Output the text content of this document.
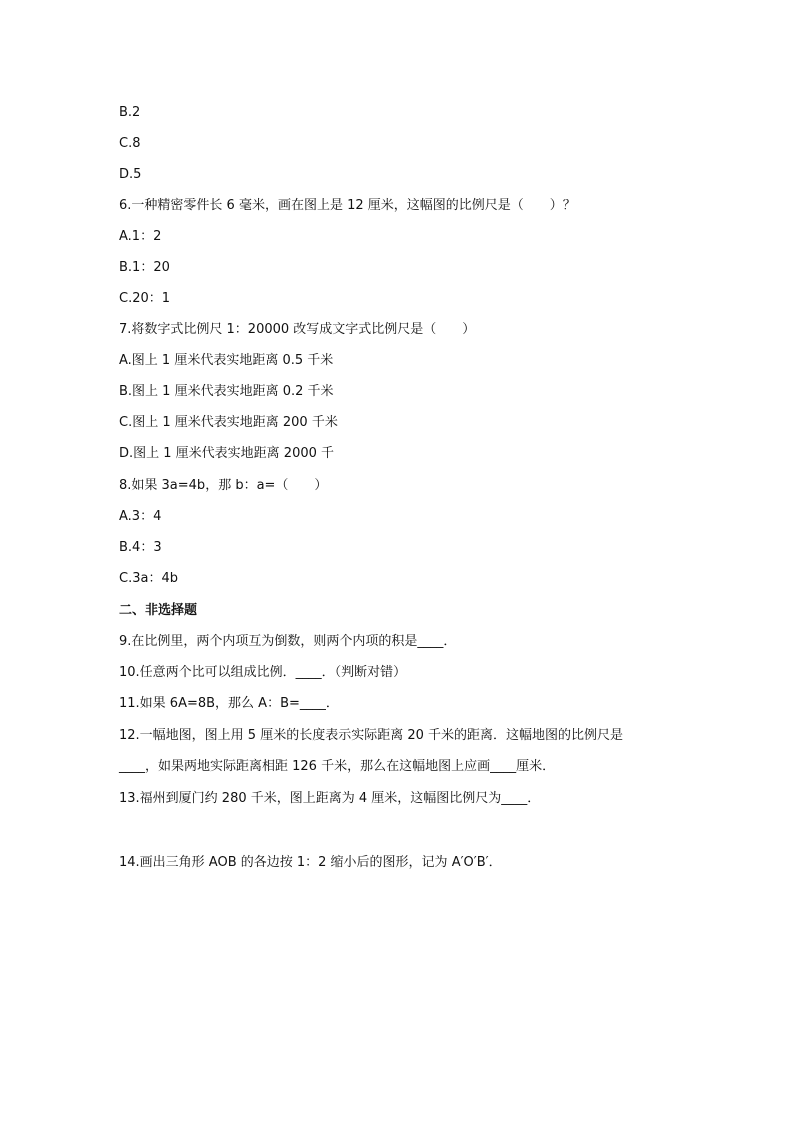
B.2
C.8
D.5
6.一种精密零件长 6 毫米，画在图上是 12 厘米，这幅图的比例尺是（　　）？
A.1：2
B.1：20
C.20：1
7.将数字式比例尺 1：20000 改写成文字式比例尺是（　　）
A.图上 1 厘米代表实地距离 0.5 千米
B.图上 1 厘米代表实地距离 0.2 千米
C.图上 1 厘米代表实地距离 200 千米
D.图上 1 厘米代表实地距离 2000 千
8.如果 3a=4b，那 b：a=（　　）
A.3：4
B.4：3
C.3a：4b
二、非选择题
9.在比例里，两个内项互为倒数，则两个内项的积是____．
10.任意两个比可以组成比例．____．（判断对错）
11.如果 6A=8B，那么 A：B=____．
12.一幅地图，图上用 5 厘米的长度表示实际距离 20 千米的距离．这幅地图的比例尺是
____，如果两地实际距离相距 126 千米，那么在这幅地图上应画____厘米．
13.福州到厦门约 280 千米，图上距离为 4 厘米，这幅图比例尺为____．
14.画出三角形 AOB 的各边按 1：2 缩小后的图形，记为 A′O′B′．
